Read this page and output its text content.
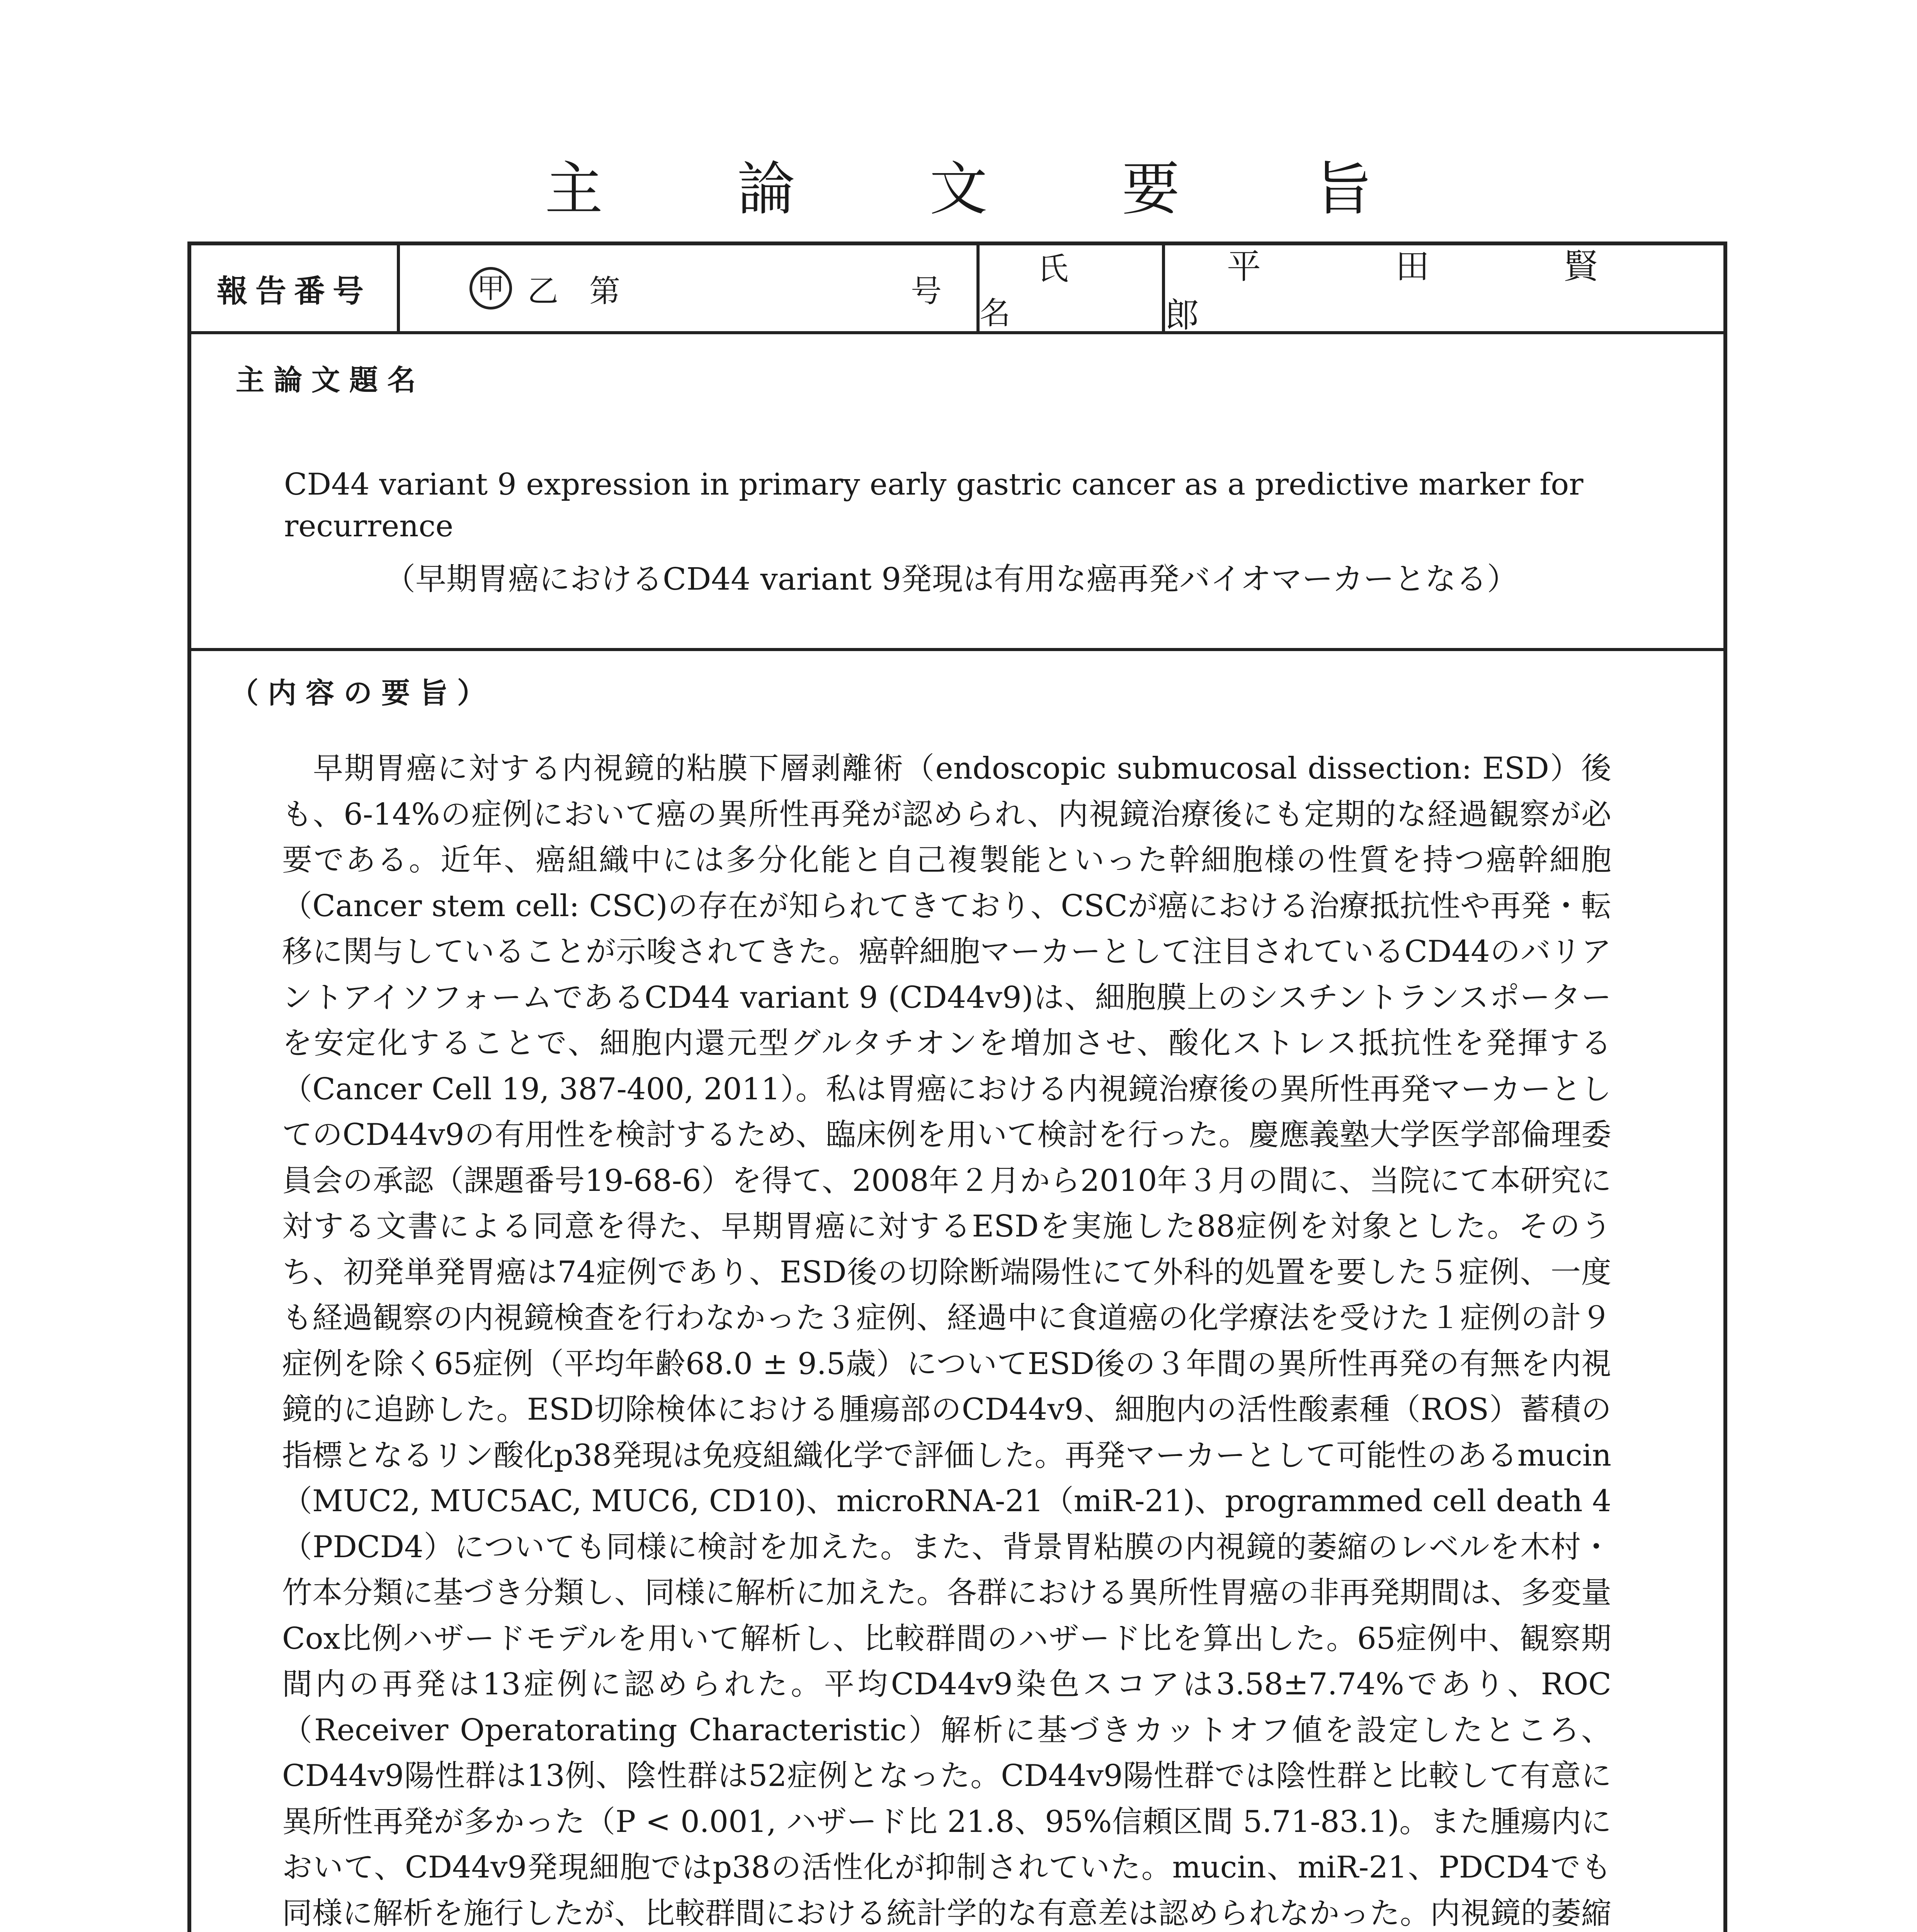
主 論 文 要 旨
報告番号	甲 乙 第	号
氏 名
平 田 賢 郎
主論文題名
CD44 variant 9 expression in primary early gastric cancer as a predictive marker for recurrence
（早期胃癌におけるCD44 variant 9発現は有用な癌再発バイオマーカーとなる）
（内容の要旨）

早期胃癌に対する内視鏡的粘膜下層剥離術（endoscopic submucosal dissection: ESD）後も、6-14%の症例において癌の異所性再発が認められ、内視鏡治療後にも定期的な経過観察が必要である。近年、癌組織中には多分化能と自己複製能といった幹細胞様の性質を持つ癌幹細胞（Cancer stem cell: CSC)の存在が知られてきており、CSCが癌における治療抵抗性や再発・転移に関与していることが示唆されてきた。癌幹細胞マーカーとして注目されているCD44のバリアントアイソフォームであるCD44 variant 9 (CD44v9)は、細胞膜上のシスチントランスポーターを安定化することで、細胞内還元型グルタチオンを増加させ、酸化ストレス抵抗性を発揮する（Cancer Cell 19, 387-400, 2011）。私は胃癌における内視鏡治療後の異所性再発マーカーとしてのCD44v9の有用性を検討するため、臨床例を用いて検討を行った。慶應義塾大学医学部倫理委員会の承認（課題番号19-68-6）を得て、2008年２月から2010年３月の間に、当院にて本研究に対する文書による同意を得た、早期胃癌に対するESDを実施した88症例を対象とした。そのうち、初発単発胃癌は74症例であり、ESD後の切除断端陽性にて外科的処置を要した５症例、一度も経過観察の内視鏡検査を行わなかった３症例、経過中に食道癌の化学療法を受けた１症例の計９症例を除く65症例（平均年齢68.0 ± 9.5歳）についてESD後の３年間の異所性再発の有無を内視鏡的に追跡した。ESD切除検体における腫瘍部のCD44v9、細胞内の活性酸素種（ROS）蓄積の指標となるリン酸化p38発現は免疫組織化学で評価した。再発マーカーとして可能性のあるmucin（MUC2, MUC5AC, MUC6, CD10)、microRNA-21（miR-21)、programmed cell death 4（PDCD4）についても同様に検討を加えた。また、背景胃粘膜の内視鏡的萎縮のレベルを木村・竹本分類に基づき分類し、同様に解析に加えた。各群における異所性胃癌の非再発期間は、多変量Cox比例ハザードモデルを用いて解析し、比較群間のハザード比を算出した。65症例中、観察期間内の再発は13症例に認められた。平均CD44v9染色スコアは3.58±7.74%であり、ROC（Receiver Operatorating Characteristic）解析に基づきカットオフ値を設定したところ、CD44v9陽性群は13例、陰性群は52症例となった。CD44v9陽性群では陰性群と比較して有意に異所性再発が多かった（P < 0.001, ハザード比 21.8、95%信頼区間 5.71-83.1)。また腫瘍内において、CD44v9発現細胞ではp38の活性化が抑制されていた。mucin、miR-21、PDCD4でも同様に解析を施行したが、比較群間における統計学的な有意差は認められなかった。内視鏡的萎縮
